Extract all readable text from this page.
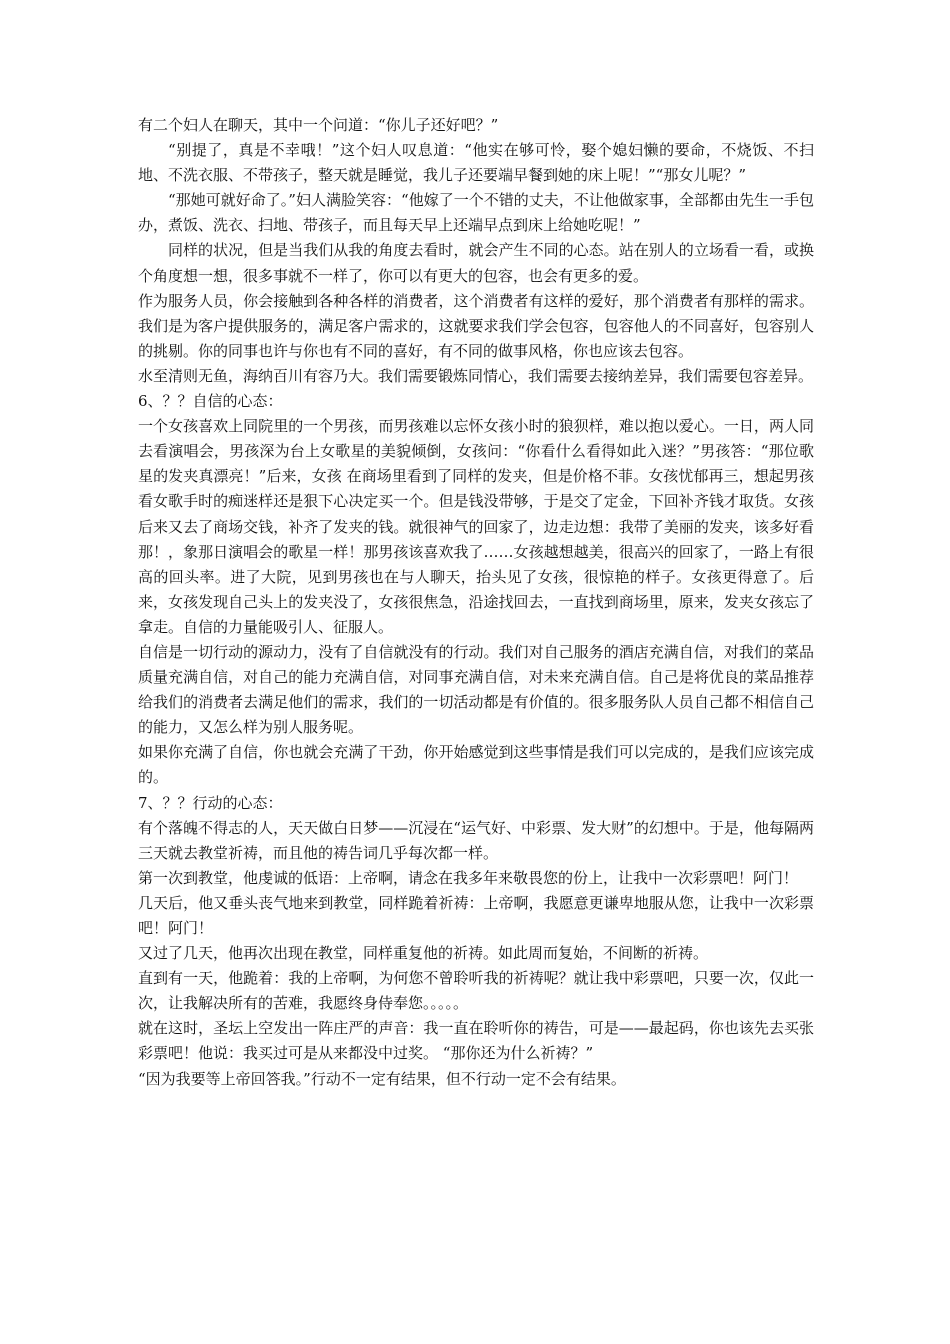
有二个妇人在聊天，其中一个问道：“你儿子还好吧？”

“别提了，真是不幸哦！”这个妇人叹息道：“他实在够可怜，娶个媳妇懒的要命，不烧饭、不扫地、不洗衣服、不带孩子，整天就是睡觉，我儿子还要端早餐到她的床上呢！”“那女儿呢？”

“那她可就好命了。”妇人满脸笑容：“他嫁了一个不错的丈夫，不让他做家事，全部都由先生一手包办，煮饭、洗衣、扫地、带孩子，而且每天早上还端早点到床上给她吃呢！”

同样的状况，但是当我们从我的角度去看时，就会产生不同的心态。站在别人的立场看一看，或换个角度想一想，很多事就不一样了，你可以有更大的包容，也会有更多的爱。

作为服务人员，你会接触到各种各样的消费者，这个消费者有这样的爱好，那个消费者有那样的需求。我们是为客户提供服务的，满足客户需求的，这就要求我们学会包容，包容他人的不同喜好，包容别人的挑剔。你的同事也许与你也有不同的喜好，有不同的做事风格，你也应该去包容。

水至清则无鱼，海纳百川有容乃大。我们需要锻炼同情心，我们需要去接纳差异，我们需要包容差异。

6、？？自信的心态：

一个女孩喜欢上同院里的一个男孩，而男孩难以忘怀女孩小时的狼狈样，难以抱以爱心。一日，两人同去看演唱会，男孩深为台上女歌星的美貌倾倒，女孩问：“你看什么看得如此入迷？”男孩答：“那位歌星的发夹真漂亮！”后来，女孩 在商场里看到了同样的发夹，但是价格不菲。女孩忧郁再三，想起男孩看女歌手时的痴迷样还是狠下心决定买一个。但是钱没带够，于是交了定金，下回补齐钱才取货。女孩后来又去了商场交钱，补齐了发夹的钱。就很神气的回家了，边走边想：我带了美丽的发夹，该多好看那！，象那日演唱会的歌星一样！那男孩该喜欢我了……女孩越想越美，很高兴的回家了，一路上有很高的回头率。进了大院，见到男孩也在与人聊天，抬头见了女孩，很惊艳的样子。女孩更得意了。后来，女孩发现自己头上的发夹没了，女孩很焦急，沿途找回去，一直找到商场里，原来，发夹女孩忘了拿走。自信的力量能吸引人、征服人。

自信是一切行动的源动力，没有了自信就没有的行动。我们对自己服务的酒店充满自信，对我们的菜品质量充满自信，对自己的能力充满自信，对同事充满自信，对未来充满自信。自己是将优良的菜品推荐给我们的消费者去满足他们的需求，我们的一切活动都是有价值的。很多服务队人员自己都不相信自己的能力，又怎么样为别人服务呢。

如果你充满了自信，你也就会充满了干劲，你开始感觉到这些事情是我们可以完成的，是我们应该完成的。

7、？？行动的心态：

有个落魄不得志的人，天天做白日梦——沉浸在“运气好、中彩票、发大财”的幻想中。于是，他每隔两三天就去教堂祈祷，而且他的祷告词几乎每次都一样。

第一次到教堂，他虔诚的低语：上帝啊，请念在我多年来敬畏您的份上，让我中一次彩票吧！阿门！

几天后，他又垂头丧气地来到教堂，同样跪着祈祷：上帝啊，我愿意更谦卑地服从您，让我中一次彩票吧！阿门！

又过了几天，他再次出现在教堂，同样重复他的祈祷。如此周而复始，不间断的祈祷。

直到有一天，他跪着：我的上帝啊，为何您不曾聆听我的祈祷呢？就让我中彩票吧，只要一次，仅此一次，让我解决所有的苦难，我愿终身侍奉您。。。。。

就在这时，圣坛上空发出一阵庄严的声音：我一直在聆听你的祷告，可是——最起码，你也该先去买张彩票吧！他说：我买过可是从来都没中过奖。 “那你还为什么祈祷？”

“因为我要等上帝回答我。”行动不一定有结果，但不行动一定不会有结果。
